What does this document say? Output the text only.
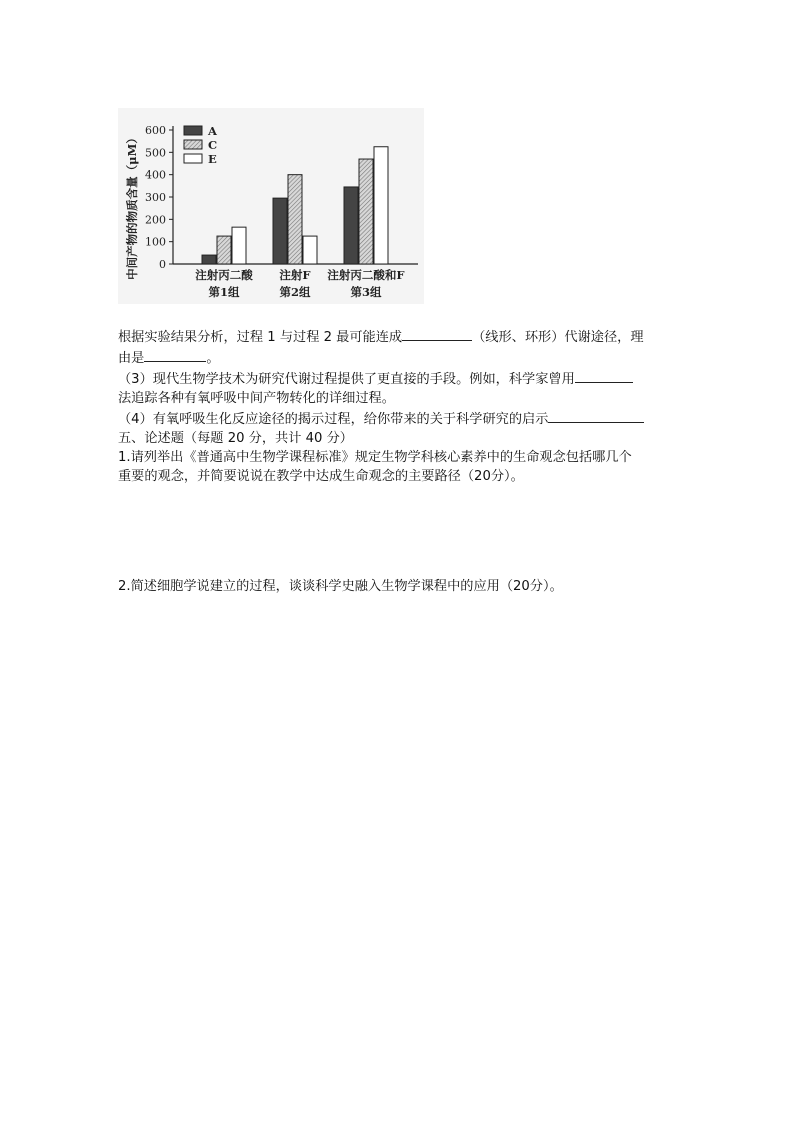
中间产物的物质含量（μM） 0
100
200
300
400
500
600
注射丙二酸
第1组
注射F
第2组
注射丙二酸和F
第3组
A
C
E

根据实验结果分析，过程 1 与过程 2 最可能连成	（线形、环形）代谢途径，理

由是	。

（3）现代生物学技术为研究代谢过程提供了更直接的手段。例如，科学家曾用

法追踪各种有氧呼吸中间产物转化的详细过程。

（4）有氧呼吸生化反应途径的揭示过程，给你带来的关于科学研究的启示

五、论述题（每题 20 分，共计 40 分）

1.请列举出《普通高中生物学课程标准》规定生物学科核心素养中的生命观念包括哪几个

重要的观念，并简要说说在教学中达成生命观念的主要路径（20分）。

2.简述细胞学说建立的过程，谈谈科学史融入生物学课程中的应用（20分）。
